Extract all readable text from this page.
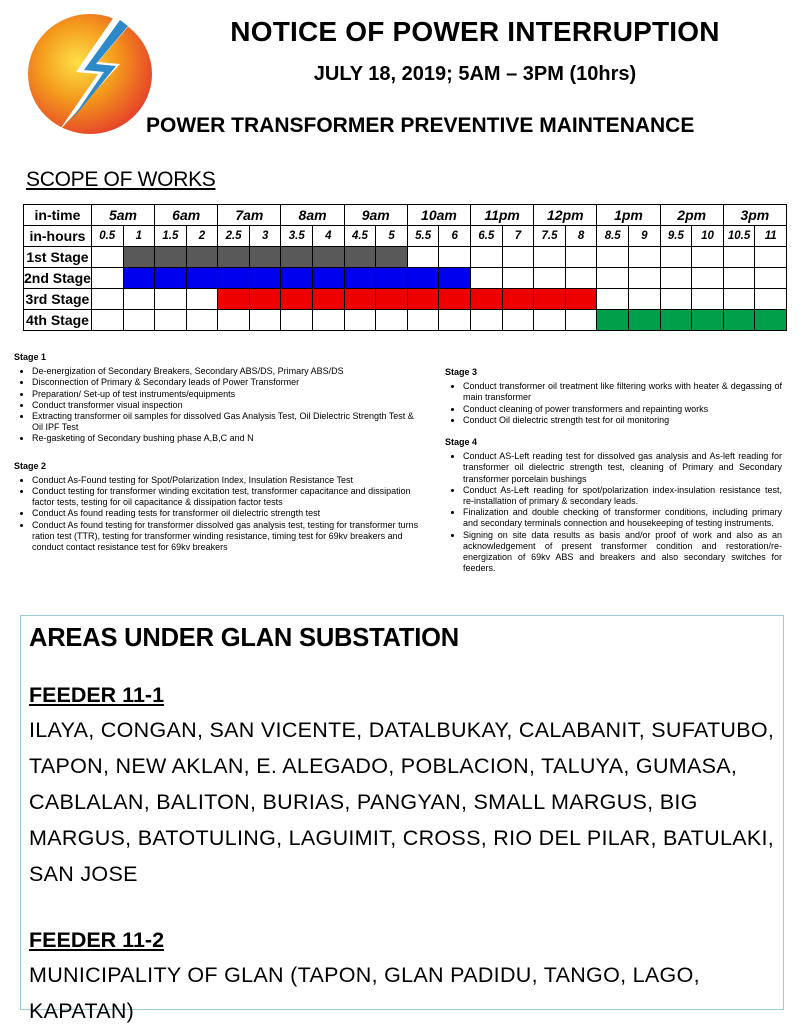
NOTICE OF POWER INTERRUPTION
JULY 18, 2019; 5AM – 3PM (10hrs)
POWER TRANSFORMER PREVENTIVE MAINTENANCE
SCOPE OF WORKS
in-time	5am		6am		7am		8am		9am		10am		11pm		12pm		1pm		2pm		3pm	
in-hours	0.5	1	1.5	2	2.5	3	3.5	4	4.5	5	5.5	6	6.5	7	7.5	8	8.5	9	9.5	10	10.5	11
1st Stage																						
2nd Stage																						
3rd Stage																						
4th Stage																						
Stage 1
• De-energization of Secondary Breakers, Secondary ABS/DS, Primary ABS/DS
• Disconnection of Primary & Secondary leads of Power Transformer
• Preparation/ Set-up of test instruments/equipments
• Conduct transformer visual inspection
• Extracting transformer oil samples for dissolved Gas Analysis Test, Oil Dielectric Strength Test & Oil IPF Test
• Re-gasketing of Secondary bushing phase A,B,C and N
Stage 2
• Conduct As-Found testing for Spot/Polarization Index, Insulation Resistance Test
• Conduct testing for transformer winding excitation test, transformer capacitance and dissipation factor tests, testing for oil capacitance & dissipation factor tests
• Conduct As found reading tests for transformer oil dielectric strength test
• Conduct As found testing for transformer dissolved gas analysis test, testing for transformer turns ration test (TTR), testing for transformer winding resistance, timing test for 69kv breakers and conduct contact resistance test for 69kv breakers
Stage 3
• Conduct transformer oil treatment like filtering works with heater & degassing of main transformer
• Conduct cleaning of power transformers and repainting works
• Conduct Oil dielectric strength test for oil monitoring
Stage 4
• Conduct AS-Left reading test for dissolved gas analysis and As-left reading for transformer oil dielectric strength test, cleaning of Primary and Secondary transformer porcelain bushings
• Conduct As-Left reading for spot/polarization index-insulation resistance test, re-installation of primary & secondary leads.
• Finalization and double checking of transformer conditions, including primary and secondary terminals connection and housekeeping of testing instruments.
• Signing on site data results as basis and/or proof of work and also as an acknowledgement of present transformer condition and restoration/re-energization of 69kv ABS and breakers and also secondary switches for feeders.
AREAS UNDER GLAN SUBSTATION
FEEDER 11-1
ILAYA, CONGAN, SAN VICENTE, DATALBUKAY, CALABANIT, SUFATUBO,
TAPON, NEW AKLAN, E. ALEGADO, POBLACION, TALUYA, GUMASA,
CABLALAN, BALITON, BURIAS, PANGYAN, SMALL MARGUS, BIG
MARGUS, BATOTULING, LAGUIMIT, CROSS, RIO DEL PILAR, BATULAKI,
SAN JOSE
FEEDER 11-2
MUNICIPALITY OF GLAN (TAPON, GLAN PADIDU, TANGO, LAGO,
KAPATAN)
